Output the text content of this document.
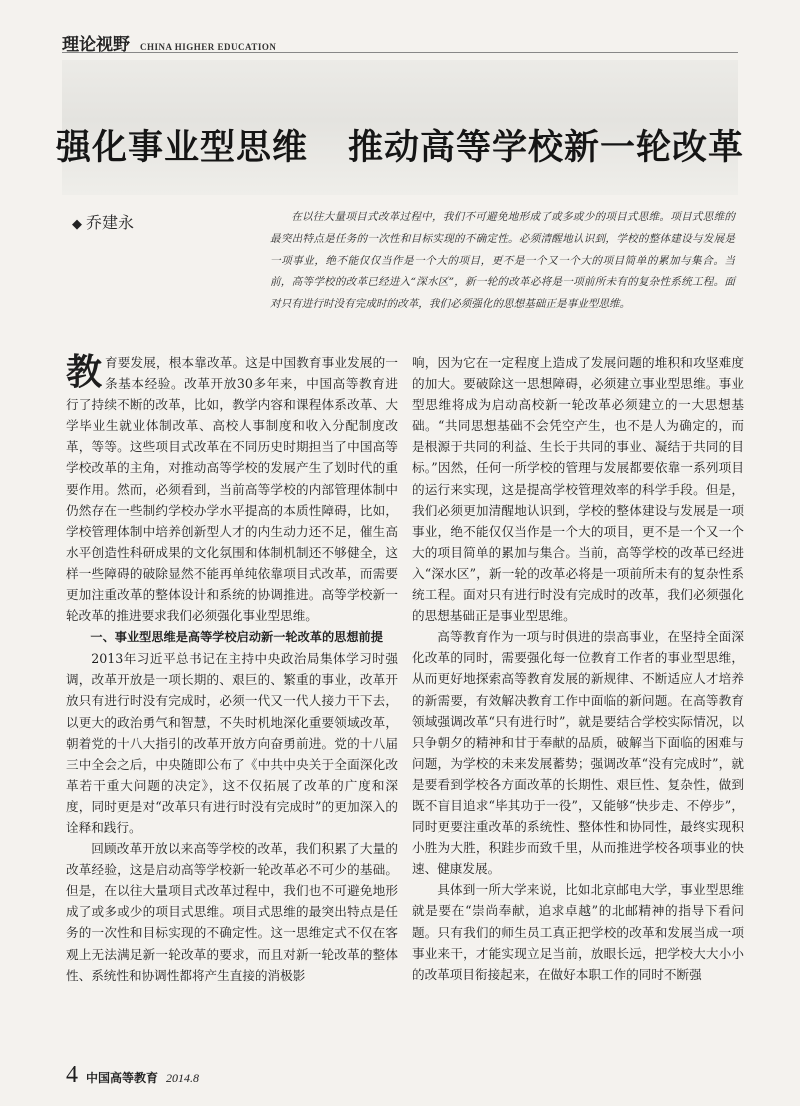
理论视野 CHINA HIGHER EDUCATION
强化事业型思维 推动高等学校新一轮改革
◆ 乔建永	在以往大量项目式改革过程中，我们不可避免地形成了或多或少的项目式思维。项目式思维的最突出特点是任务的一次性和目标实现的不确定性。必须清醒地认识到，学校的整体建设与发展是一项事业，绝不能仅仅当作是一个大的项目，更不是一个又一个大的项目简单的累加与集合。当前，高等学校的改革已经进入“深水区”，新一轮的改革必将是一项前所未有的复杂性系统工程。面对只有进行时没有完成时的改革，我们必须强化的思想基础正是事业型思维。

教育要发展，根本靠改革。这是中国教育事业发展的一条基本经验。改革开放30多年来，中国高等教育进行了持续不断的改革，比如，教学内容和课程体系改革、大学毕业生就业体制改革、高校人事制度和收入分配制度改革，等等。这些项目式改革在不同历史时期担当了中国高等学校改革的主角，对推动高等学校的发展产生了划时代的重要作用。然而，必须看到，当前高等学校的内部管理体制中仍然存在一些制约学校办学水平提高的本质性障碍，比如，学校管理体制中培养创新型人才的内生动力还不足，催生高水平创造性科研成果的文化氛围和体制机制还不够健全，这样一些障碍的破除显然不能再单纯依靠项目式改革，而需要更加注重改革的整体设计和系统的协调推进。高等学校新一轮改革的推进要求我们必须强化事业型思维。

一、事业型思维是高等学校启动新一轮改革的思想前提

2013年习近平总书记在主持中央政治局集体学习时强调，改革开放是一项长期的、艰巨的、繁重的事业，改革开放只有进行时没有完成时，必须一代又一代人接力干下去，以更大的政治勇气和智慧，不失时机地深化重要领域改革，朝着党的十八大指引的改革开放方向奋勇前进。党的十八届三中全会之后，中央随即公布了《中共中央关于全面深化改革若干重大问题的决定》，这不仅拓展了改革的广度和深度，同时更是对“改革只有进行时没有完成时”的更加深入的诠释和践行。

回顾改革开放以来高等学校的改革，我们积累了大量的改革经验，这是启动高等学校新一轮改革必不可少的基础。但是，在以往大量项目式改革过程中，我们也不可避免地形成了或多或少的项目式思维。项目式思维的最突出特点是任务的一次性和目标实现的不确定性。这一思维定式不仅在客观上无法满足新一轮改革的要求，而且对新一轮改革的整体性、系统性和协调性都将产生直接的消极影

响，因为它在一定程度上造成了发展问题的堆积和攻坚难度的加大。要破除这一思想障碍，必须建立事业型思维。事业型思维将成为启动高校新一轮改革必须建立的一大思想基础。“共同思想基础不会凭空产生，也不是人为确定的，而是根源于共同的利益、生长于共同的事业、凝结于共同的目标。”因然，任何一所学校的管理与发展都要依靠一系列项目的运行来实现，这是提高学校管理效率的科学手段。但是，我们必须更加清醒地认识到，学校的整体建设与发展是一项事业，绝不能仅仅当作是一个大的项目，更不是一个又一个大的项目简单的累加与集合。当前，高等学校的改革已经进入“深水区”，新一轮的改革必将是一项前所未有的复杂性系统工程。面对只有进行时没有完成时的改革，我们必须强化的思想基础正是事业型思维。

高等教育作为一项与时俱进的崇高事业，在坚持全面深化改革的同时，需要强化每一位教育工作者的事业型思维，从而更好地探索高等教育发展的新规律、不断适应人才培养的新需要，有效解决教育工作中面临的新问题。在高等教育领域强调改革“只有进行时”，就是要结合学校实际情况，以只争朝夕的精神和甘于奉献的品质，破解当下面临的困难与问题，为学校的未来发展蓄势；强调改革“没有完成时”，就是要看到学校各方面改革的长期性、艰巨性、复杂性，做到既不盲目追求“毕其功于一役”，又能够“快步走、不停步”，同时更要注重改革的系统性、整体性和协同性，最终实现积小胜为大胜，积跬步而致千里，从而推进学校各项事业的快速、健康发展。

具体到一所大学来说，比如北京邮电大学，事业型思维就是要在“崇尚奉献，追求卓越”的北邮精神的指导下看问题。只有我们的师生员工真正把学校的改革和发展当成一项事业来干，才能实现立足当前，放眼长远，把学校大大小小的改革项目衔接起来，在做好本职工作的同时不断强

4 中国高等教育 2014.8
